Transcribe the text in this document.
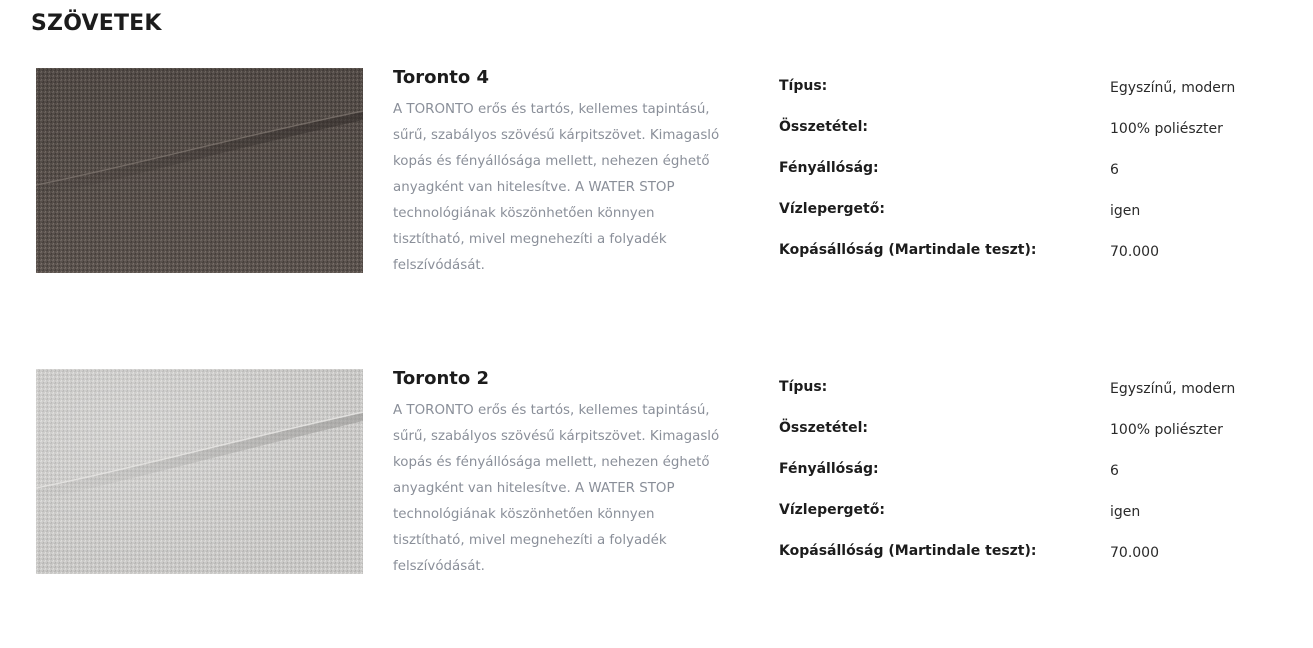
SZÖVETEK
Toronto 4

A TORONTO erős és tartós, kellemes tapintású, sűrű, szabályos szövésű kárpitszövet. Kimagasló kopás és fényállósága mellett, nehezen éghető anyagként van hitelesítve. A WATER STOP technológiának köszönhetően könnyen tisztítható, mivel megnehezíti a folyadék felszívódását.

Típus:	Egyszínű, modern
Összetétel:	100% poliészter
Fényállóság:	6
Vízlepergető:	igen
Kopásállóság (Martindale teszt):	70.000
Toronto 2

A TORONTO erős és tartós, kellemes tapintású, sűrű, szabályos szövésű kárpitszövet. Kimagasló kopás és fényállósága mellett, nehezen éghető anyagként van hitelesítve. A WATER STOP technológiának köszönhetően könnyen tisztítható, mivel megnehezíti a folyadék felszívódását.

Típus:	Egyszínű, modern
Összetétel:	100% poliészter
Fényállóság:	6
Vízlepergető:	igen
Kopásállóság (Martindale teszt):	70.000
